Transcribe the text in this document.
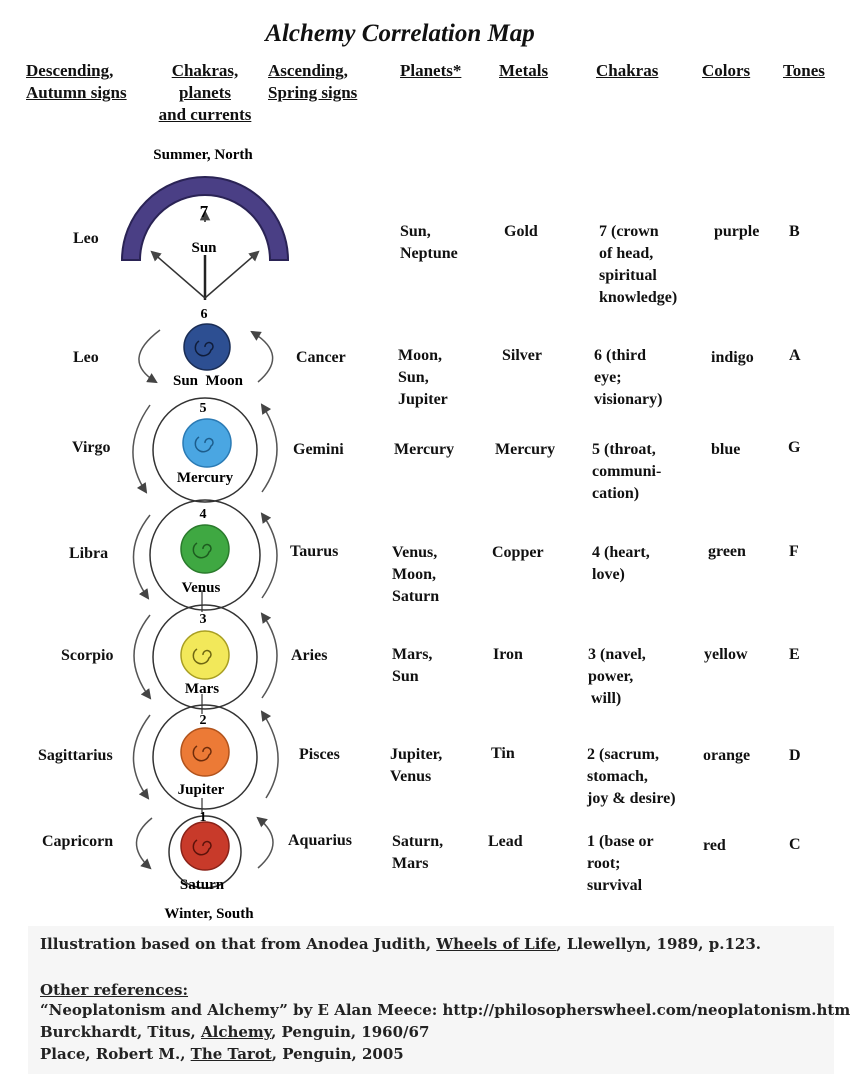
Alchemy Correlation Map
Descending,
Autumn signs
Chakras,
planets
and currents
Ascending,
Spring signs
Planets* Metals	Chakras	Colors Tones
7
6
5
4
3
2
1
Sun
Sun  Moon
Mercury
Venus
Mars
Jupiter
Saturn
Summer, North
Winter, South
Leo
Leo
Virgo
Libra
Scorpio
Sagittarius
Capricorn
Cancer
Gemini
Taurus
Aries
Pisces
Aquarius
Sun,
Neptune
Moon,
Sun,
Jupiter
Mercury
Venus,
Moon,
Saturn
Mars,
Sun
Jupiter,
Venus
Saturn,
Mars
Gold
Silver
Mercury
Copper
Iron
Tin
Lead
7 (crown
of head,
spiritual
knowledge)
6 (third
eye;
visionary)
5 (throat,
communi-
cation)
4 (heart,
love)
3 (navel,
power,
will)
2 (sacrum,
stomach,
joy & desire)
1 (base or
root;
survival
purple
indigo
blue
green
yellow
orange
red
B
A
G
F
E
D
C
Illustration based on that from Anodea Judith, Wheels of Life, Llewellyn, 1989, p.123.
Other references:
“Neoplatonism and Alchemy” by E Alan Meece: http://philosopherswheel.com/neoplatonism.htm
Burckhardt, Titus, Alchemy, Penguin, 1960/67
Place, Robert M., The Tarot, Penguin, 2005
